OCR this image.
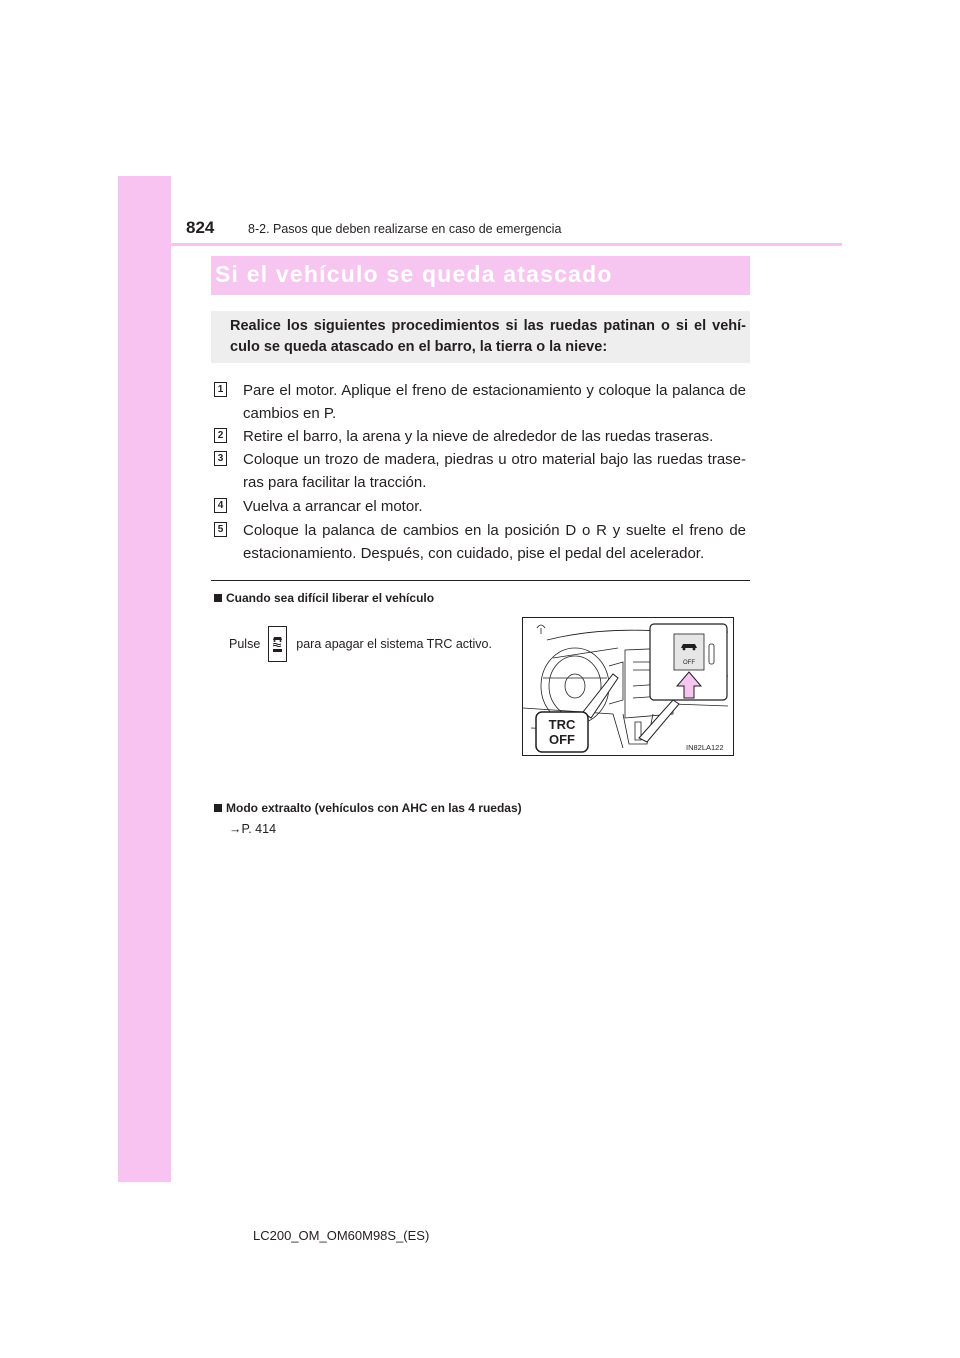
824	8-2. Pasos que deben realizarse en caso de emergencia
Si el vehículo se queda atascado
Realice los siguientes procedimientos si las ruedas patinan o si el vehí-culo se queda atascado en el barro, la tierra o la nieve:
1 Pare el motor. Aplique el freno de estacionamiento y coloque la palanca de cambios en P.
2 Retire el barro, la arena y la nieve de alrededor de las ruedas traseras.
3 Coloque un trozo de madera, piedras u otro material bajo las ruedas trase-ras para facilitar la tracción.
4 Vuelva a arrancar el motor.
5 Coloque la palanca de cambios en la posición D o R y suelte el freno de estacionamiento. Después, con cuidado, pise el pedal del acelerador.
Cuando sea difícil liberar el vehículo
Pulse	para apagar el sistema TRC activo.
OFF
TRC
OFF
IN82LA122
Modo extraalto (vehículos con AHC en las 4 ruedas)
→P. 414
LC200_OM_OM60M98S_(ES)
